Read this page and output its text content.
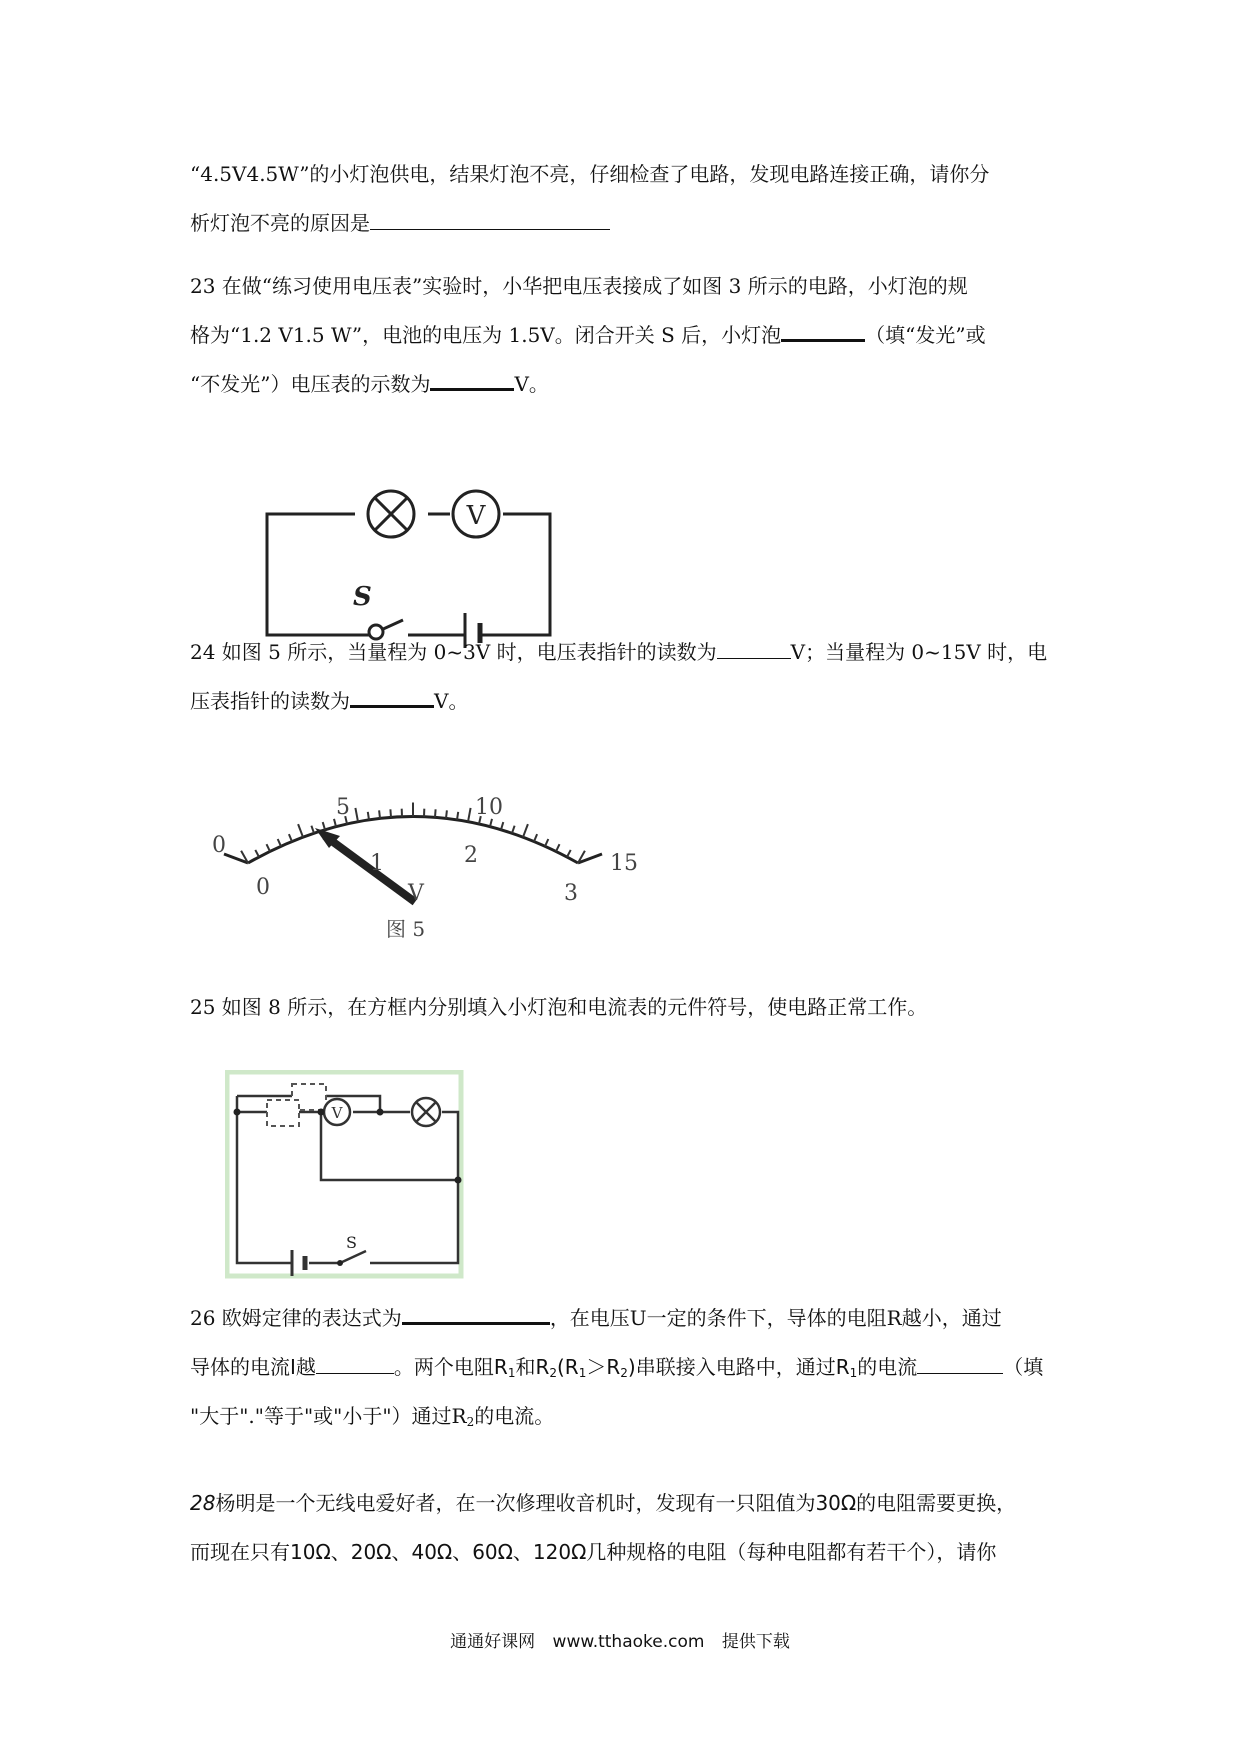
“4.5V4.5W”的小灯泡供电，结果灯泡不亮，仔细检查了电路，发现电路连接正确，请你分
析灯泡不亮的原因是
23 在做“练习使用电压表”实验时，小华把电压表接成了如图 3 所示的电路，小灯泡的规
格为“1.2 V1.5 W”，电池的电压为 1.5V。闭合开关 S 后，小灯泡	（填“发光”或
“不发光”）电压表的示数为	V。
V
S
24 如图 5 所示，当量程为 0~3V 时，电压表指针的读数为	V；当量程为 0~15V 时，电
压表指针的读数为	V。
0
5	10
15
0
1	2
3
V
图 5
25 如图 8 所示，在方框内分别填入小灯泡和电流表的元件符号，使电路正常工作。
V
S
26 欧姆定律的表达式为	，在电压U一定的条件下，导体的电阻R越小，通过
导体的电流I越	。两个电阻$R_1$和$R_2(R_1>R_2)$串联接入电路中，通过$R_1$的电流	（填
"大于"."等于"或"小于"）通过$R_2$的电流。
28杨明是一个无线电爱好者，在一次修理收音机时，发现有一只阻值为30Ω的电阻需要更换，
而现在只有10Ω、20Ω、40Ω、60Ω、120Ω几种规格的电阻（每种电阻都有若干个），请你
通通好课网 www.tthaoke.com 提供下载
